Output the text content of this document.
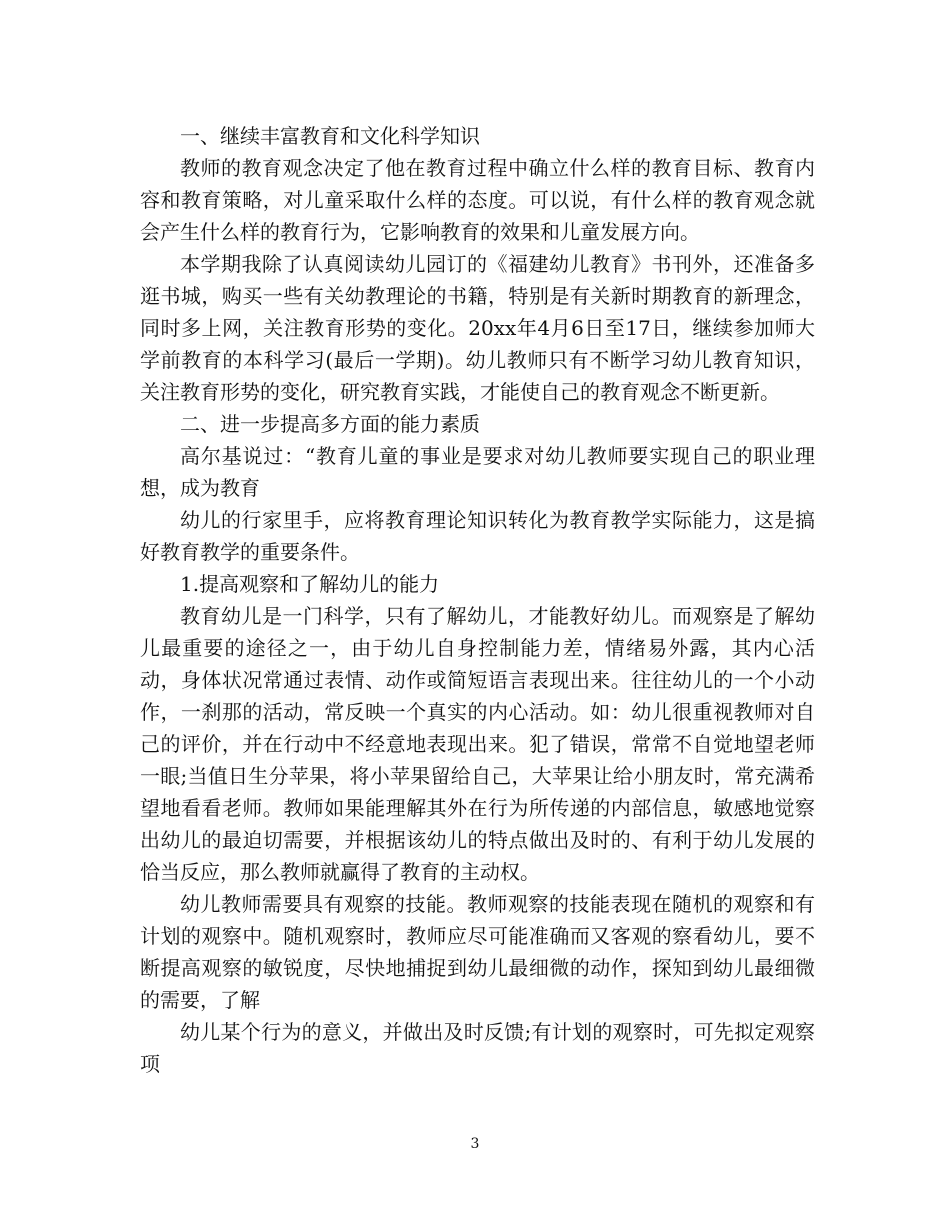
一、继续丰富教育和文化科学知识

教师的教育观念决定了他在教育过程中确立什么样的教育目标、教育内容和教育策略，对儿童采取什么样的态度。可以说，有什么样的教育观念就会产生什么样的教育行为，它影响教育的效果和儿童发展方向。

本学期我除了认真阅读幼儿园订的《福建幼儿教育》书刊外，还准备多逛书城，购买一些有关幼教理论的书籍，特别是有关新时期教育的新理念，同时多上网，关注教育形势的变化。20xx年4月6日至17日，继续参加师大学前教育的本科学习(最后一学期)。幼儿教师只有不断学习幼儿教育知识，关注教育形势的变化，研究教育实践，才能使自己的教育观念不断更新。

二、进一步提高多方面的能力素质

高尔基说过：“教育儿童的事业是要求对幼儿教师要实现自己的职业理想，成为教育

幼儿的行家里手，应将教育理论知识转化为教育教学实际能力，这是搞好教育教学的重要条件。

1.提高观察和了解幼儿的能力

教育幼儿是一门科学，只有了解幼儿，才能教好幼儿。而观察是了解幼儿最重要的途径之一，由于幼儿自身控制能力差，情绪易外露，其内心活动，身体状况常通过表情、动作或简短语言表现出来。往往幼儿的一个小动作，一刹那的活动，常反映一个真实的内心活动。如：幼儿很重视教师对自己的评价，并在行动中不经意地表现出来。犯了错误，常常不自觉地望老师一眼;当值日生分苹果，将小苹果留给自己，大苹果让给小朋友时，常充满希望地看看老师。教师如果能理解其外在行为所传递的内部信息，敏感地觉察出幼儿的最迫切需要，并根据该幼儿的特点做出及时的、有利于幼儿发展的恰当反应，那么教师就赢得了教育的主动权。

幼儿教师需要具有观察的技能。教师观察的技能表现在随机的观察和有计划的观察中。随机观察时，教师应尽可能准确而又客观的察看幼儿，要不断提高观察的敏锐度，尽快地捕捉到幼儿最细微的动作，探知到幼儿最细微的需要，了解

幼儿某个行为的意义，并做出及时反馈;有计划的观察时，可先拟定观察项

3
